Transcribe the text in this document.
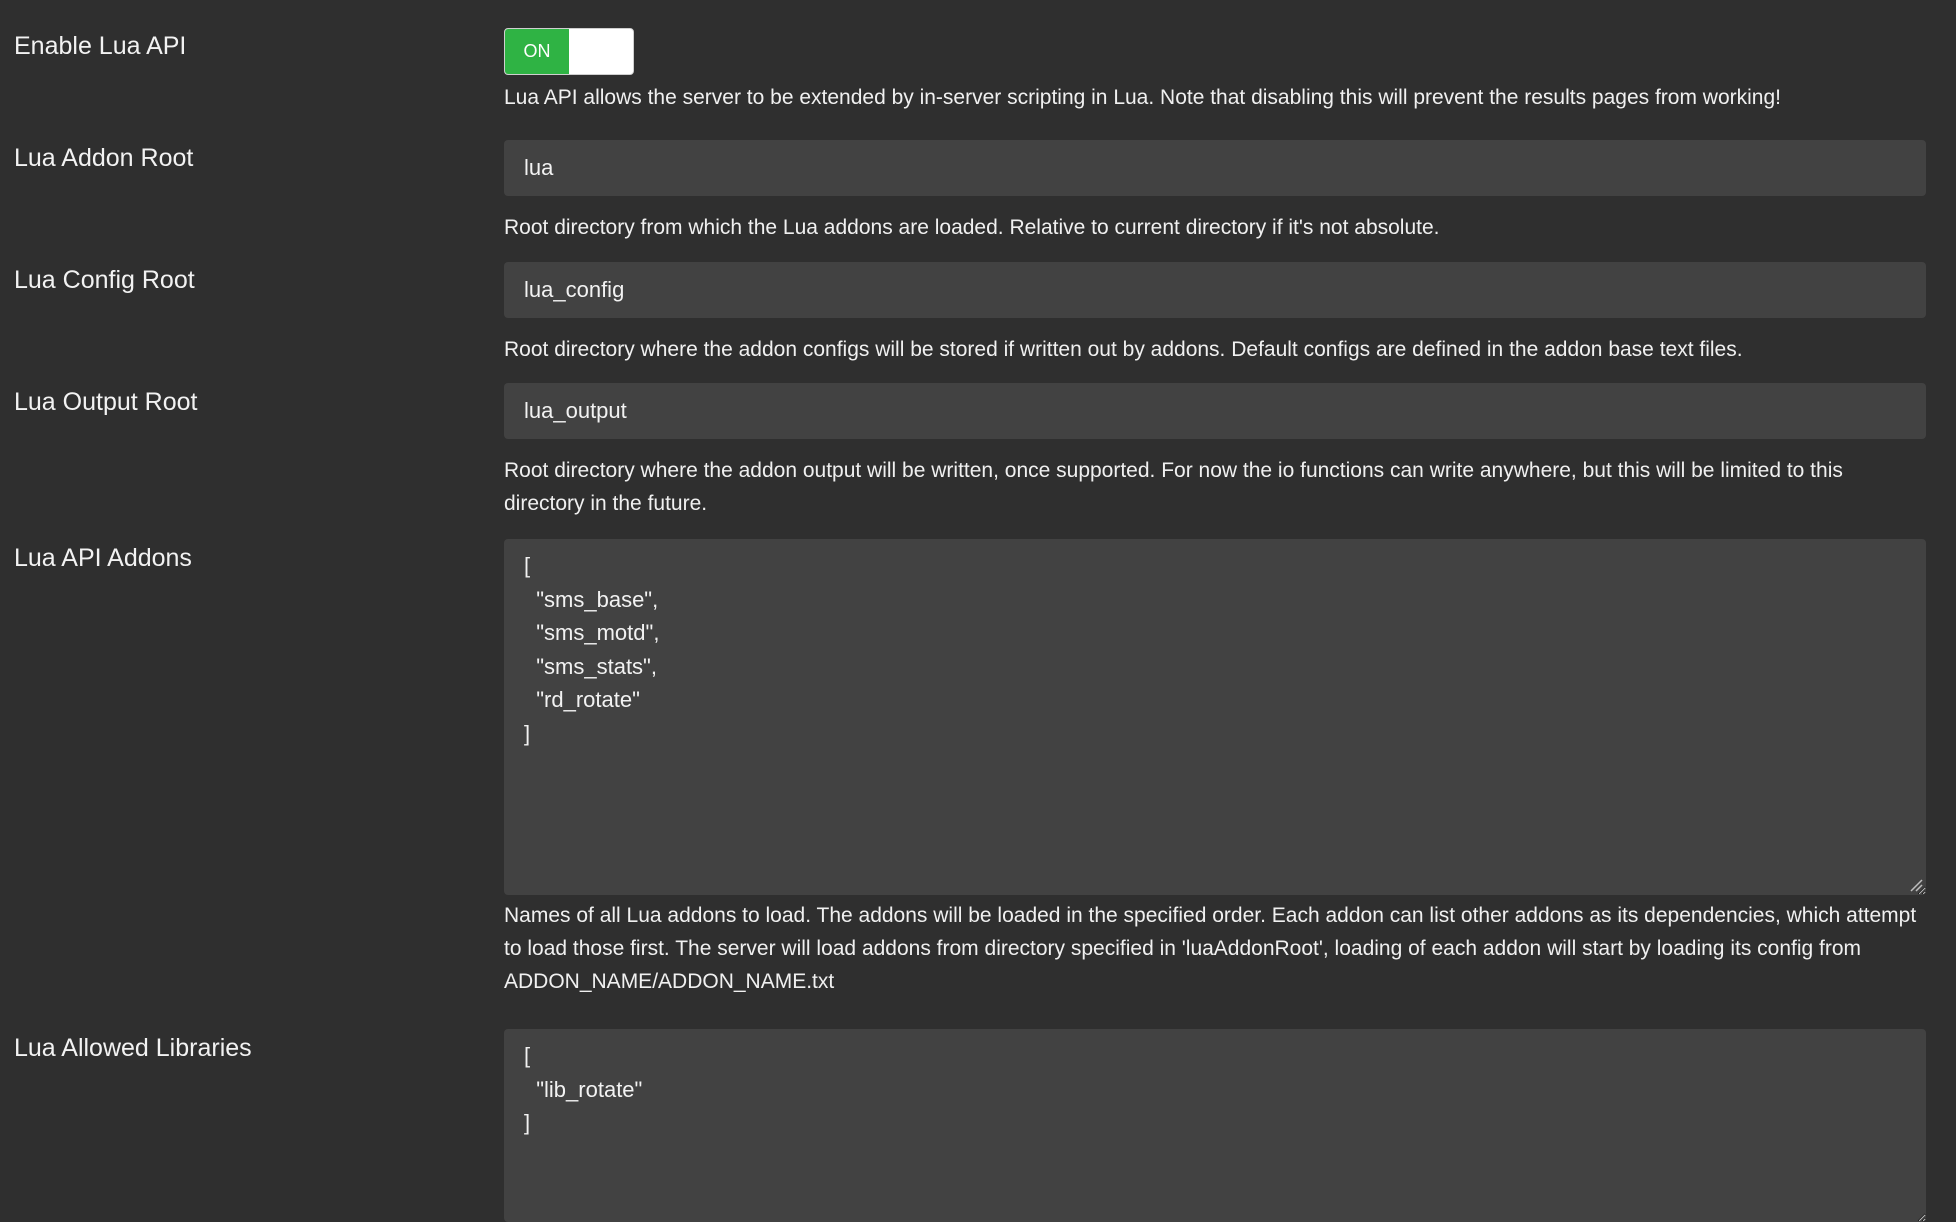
Enable Lua API	ON
Lua API allows the server to be extended by in-server scripting in Lua. Note that disabling this will prevent the results pages from working!
Lua Addon Root
lua
Root directory from which the Lua addons are loaded. Relative to current directory if it's not absolute.
Lua Config Root
lua_config
Root directory where the addon configs will be stored if written out by addons. Default configs are defined in the addon base text files.
Lua Output Root
lua_output
Root directory where the addon output will be written, once supported. For now the io functions can write anywhere, but this will be limited to this directory in the future.
Lua API Addons
[ "sms_base", "sms_motd", "sms_stats", "rd_rotate" ]
Names of all Lua addons to load. The addons will be loaded in the specified order. Each addon can list other addons as its dependencies, which attempt to load those first. The server will load addons from directory specified in 'luaAddonRoot', loading of each addon will start by loading its config from ADDON_NAME/ADDON_NAME.txt
Lua Allowed Libraries
[ "lib_rotate" ]
